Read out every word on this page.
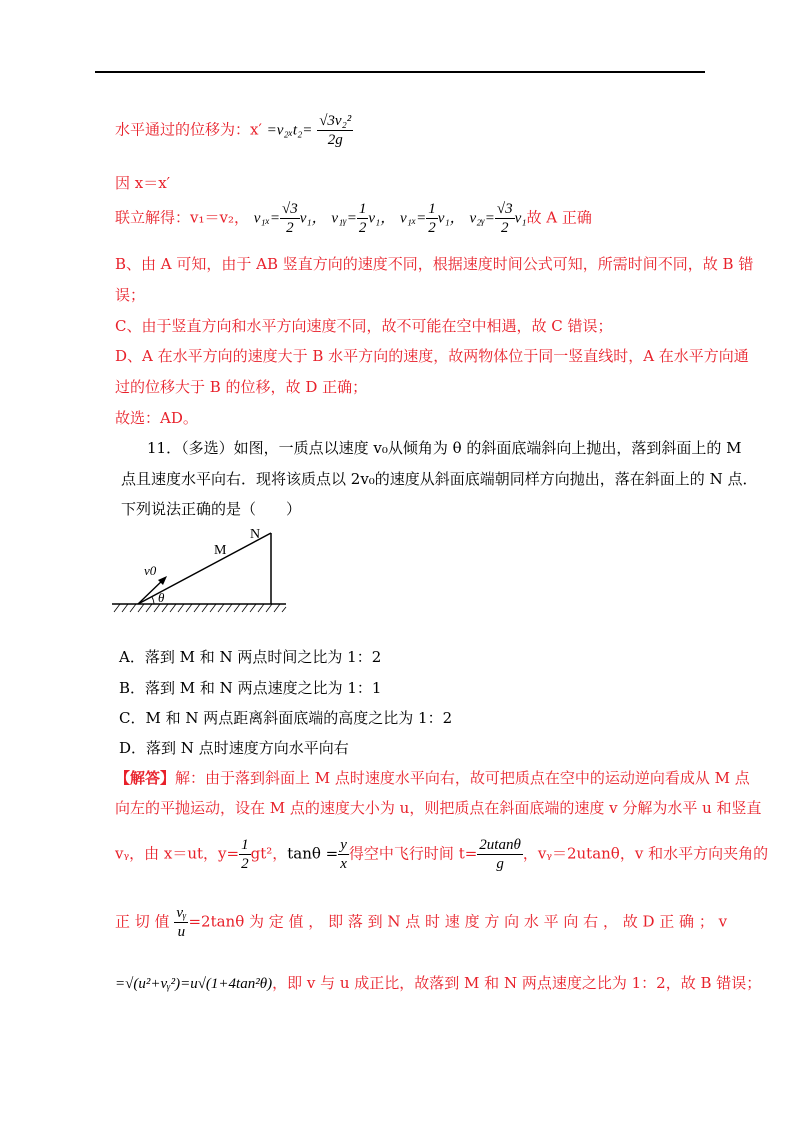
水平通过的位移为：$x' =v_{2x}t_2= \frac{\text{√3v₂²}}{2g}$
因 x＝x′
联立解得：v₁＝v₂， $v_{1x}= \frac{√3}{2} v_1$， v₁ᵧ= $\frac{1}{2} v_1$， $v_{1x}= \frac{1}{2} v_1$， v₂ᵧ= $\frac{√3}{2} v_1$故 A 正确
B、由 A 可知，由于 AB 竖直方向的速度不同，根据速度时间公式可知，所需时间不同，故 B 错
误；
C、由于竖直方向和水平方向速度不同，故不可能在空中相遇，故 C 错误；
D、A 在水平方向的速度大于 B 水平方向的速度，故两物体位于同一竖直线时，A 在水平方向通
过的位移大于 B 的位移，故 D 正确；
故选：AD。
11．（多选）如图，一质点以速度 v₀从倾角为 θ 的斜面底端斜向上抛出，落到斜面上的 M
点且速度水平向右．现将该质点以 2v₀的速度从斜面底端朝同样方向抛出，落在斜面上的 N 点．
下列说法正确的是（　　）
v0
θ
M
N
A．落到 M 和 N 两点时间之比为 1：2
B．落到 M 和 N 两点速度之比为 1：1
C．M 和 N 两点距离斜面底端的高度之比为 1：2
D．落到 N 点时速度方向水平向右
【解答】解：由于落到斜面上 M 点时速度水平向右，故可把质点在空中的运动逆向看成从 M 点
向左的平抛运动，设在 M 点的速度大小为 u，则把质点在斜面底端的速度 v 分解为水平 u 和竖直
vᵧ，由 x＝ut，$y= \frac{1}{2} gt^2$，$\tan\theta = \frac{y}{x}$ 得空中飞行时间 $t= \frac{2utan\theta}{g}$ ，vᵧ＝2utanθ，v 和水平方向夹角的
正 切 值 $\frac{\text{vᵧ}}{u} =2\tan\theta$ 为 定 值 ， 即 落 到 N 点 时 速 度 方 向 水 平 向 右 ， 故 D 正 确 ； v
=√(u²+vᵧ²)=u√(1+4tan²θ)，即 v 与 u 成正比，故落到 M 和 N 两点速度之比为 1：2，故 B 错误；
